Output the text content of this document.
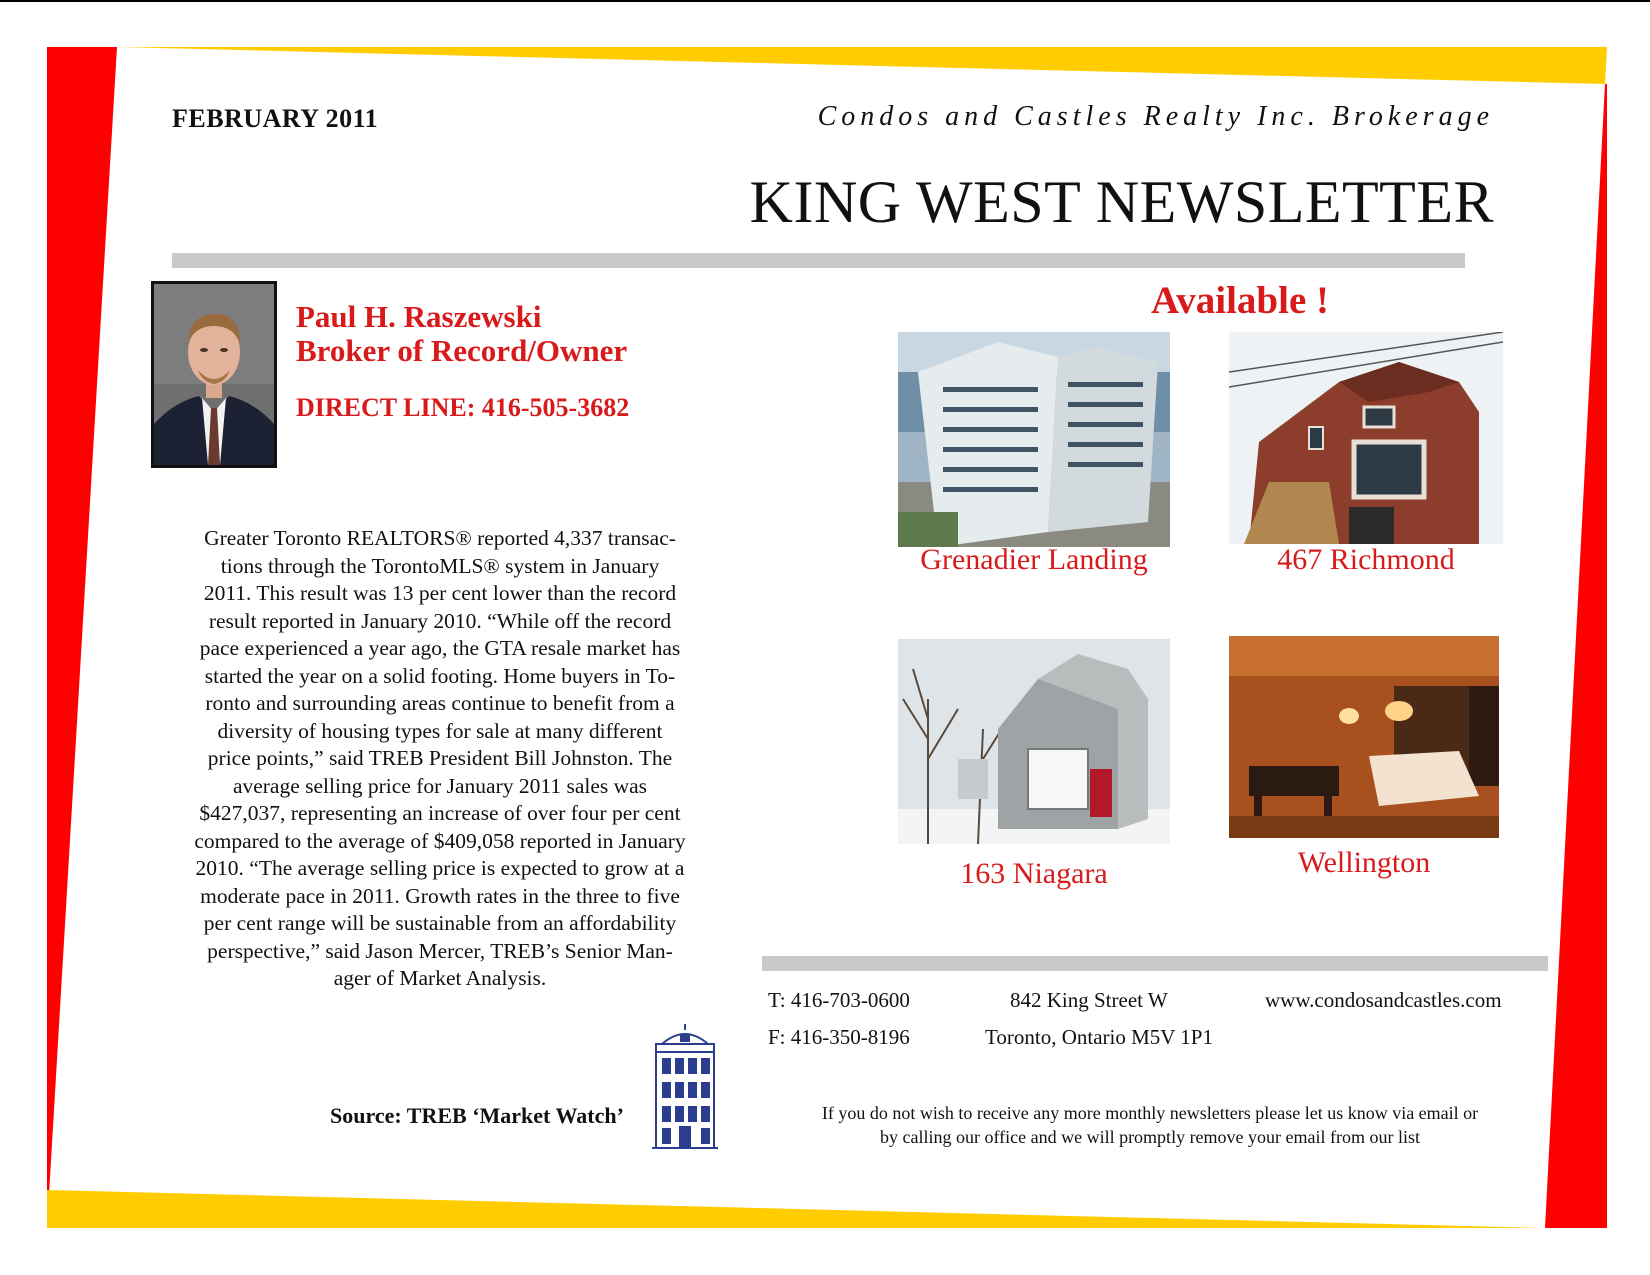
FEBRUARY 2011	Condos and Castles Realty Inc. Brokerage
KING WEST NEWSLETTER
Paul H. Raszewski
Broker of Record/Owner
DIRECT LINE: 416-505-3682
Greater Toronto REALTORS® reported 4,337 transac-
tions through the TorontoMLS® system in January
2011. This result was 13 per cent lower than the record
result reported in January 2010. “While off the record
pace experienced a year ago, the GTA resale market has
started the year on a solid footing. Home buyers in To-
ronto and surrounding areas continue to benefit from a
diversity of housing types for sale at many different
price points,” said TREB President Bill Johnston. The
average selling price for January 2011 sales was
$427,037, representing an increase of over four per cent
compared to the average of $409,058 reported in January
2010. “The average selling price is expected to grow at a
moderate pace in 2011. Growth rates in the three to five
per cent range will be sustainable from an affordability
perspective,” said Jason Mercer, TREB’s Senior Man-
ager of Market Analysis.
Source: TREB ‘Market Watch’
Available !
Grenadier Landing	467 Richmond
163 Niagara	Wellington
T: 416-703-0600
F: 416-350-8196
842 King Street W
Toronto, Ontario M5V 1P1
www.condosandcastles.com
If you do not wish to receive any more monthly newsletters please let us know via email or
by calling our office and we will promptly remove your email from our list
